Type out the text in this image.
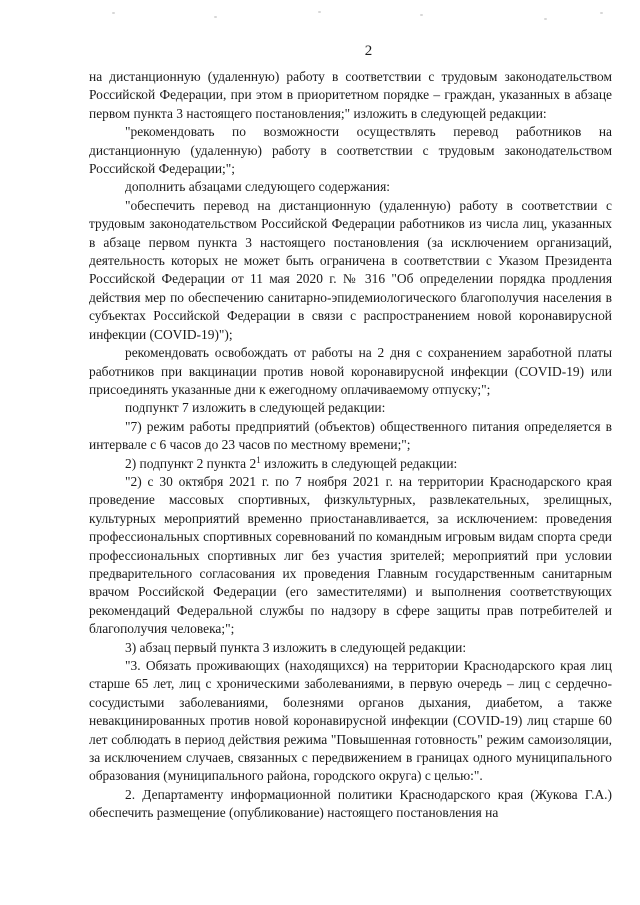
2

на дистанционную (удаленную) работу в соответствии с трудовым законодательством Российской Федерации, при этом в приоритетном порядке – граждан, указанных в абзаце первом пункта 3 настоящего постановления;" изложить в следующей редакции:

"рекомендовать по возможности осуществлять перевод работников на дистанционную (удаленную) работу в соответствии с трудовым законодательством Российской Федерации;";

дополнить абзацами следующего содержания:

"обеспечить перевод на дистанционную (удаленную) работу в соответствии с трудовым законодательством Российской Федерации работников из числа лиц, указанных в абзаце первом пункта 3 настоящего постановления (за исключением организаций, деятельность которых не может быть ограничена в соответствии с Указом Президента Российской Федерации от 11 мая 2020 г. № 316 "Об определении порядка продления действия мер по обеспечению санитарно-эпидемиологического благополучия населения в субъектах Российской Федерации в связи с распространением новой коронавирусной инфекции (COVID-19)");

рекомендовать освобождать от работы на 2 дня с сохранением заработной платы работников при вакцинации против новой коронавирусной инфекции (COVID-19) или присоединять указанные дни к ежегодному оплачиваемому отпуску;";

подпункт 7 изложить в следующей редакции:

"7) режим работы предприятий (объектов) общественного питания определяется в интервале с 6 часов до 23 часов по местному времени;";

2) подпункт 2 пункта $2^1$ изложить в следующей редакции:

"2) с 30 октября 2021 г. по 7 ноября 2021 г. на территории Краснодарского края проведение массовых спортивных, физкультурных, развлекательных, зрелищных, культурных мероприятий временно приостанавливается, за исключением: проведения профессиональных спортивных соревнований по командным игровым видам спорта среди профессиональных спортивных лиг без участия зрителей; мероприятий при условии предварительного согласования их проведения Главным государственным санитарным врачом Российской Федерации (его заместителями) и выполнения соответствующих рекомендаций Федеральной службы по надзору в сфере защиты прав потребителей и благополучия человека;";

3) абзац первый пункта 3 изложить в следующей редакции:

"3. Обязать проживающих (находящихся) на территории Краснодарского края лиц старше 65 лет, лиц с хроническими заболеваниями, в первую очередь – лиц с сердечно-сосудистыми заболеваниями, болезнями органов дыхания, диабетом, а также невакцинированных против новой коронавирусной инфекции (COVID-19) лиц старше 60 лет соблюдать в период действия режима "Повышенная готовность" режим самоизоляции, за исключением случаев, связанных с передвижением в границах одного муниципального образования (муниципального района, городского округа) с целью:".

2. Департаменту информационной политики Краснодарского края (Жукова Г.А.) обеспечить размещение (опубликование) настоящего постановления на
